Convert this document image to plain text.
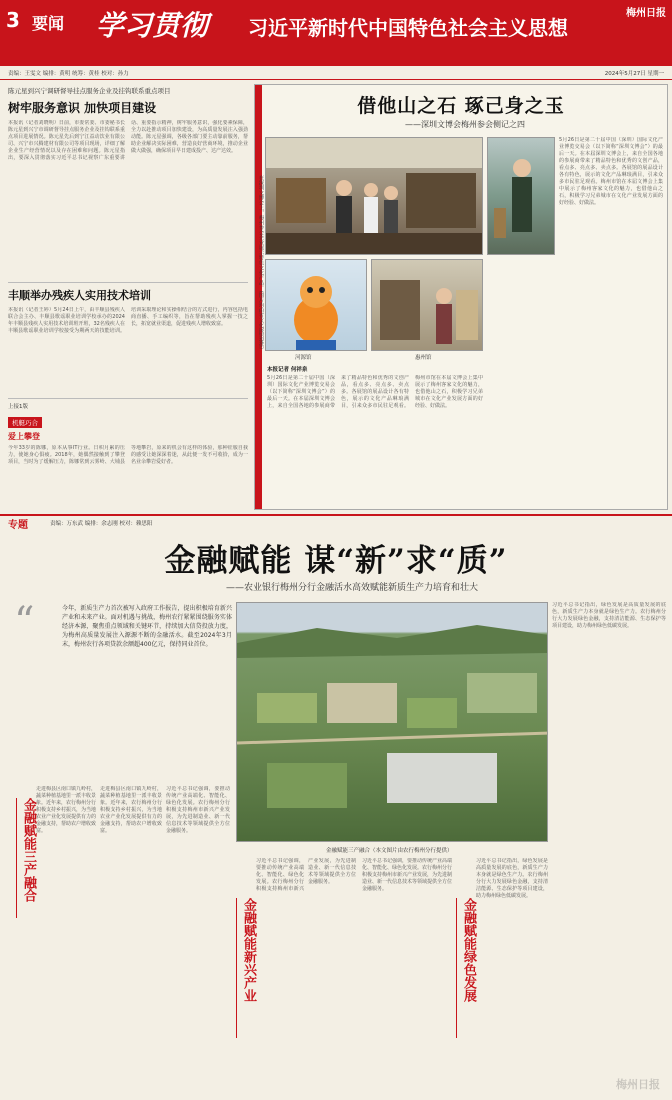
3 要闻 学习贯彻 习近平新时代中国特色社会主义思想
梅州日报
责编：王雯文 编排：黄明 统筹：黄桂 校对：孙力	2024年5月27日 星期一
陈元星到兴宁调研督导挂点服务企业及挂钩联系重点项目
树牢服务意识 加快项目建设
本报讯（记者刘晓明）日前，市委常委、市委秘书长陈元星到兴宁市调研督导挂点服务企业及挂钩联系重点项目进展情况。陈元星先后到宁江益动饮业有限公司、兴宁市兴腾建材有限公司等项目现场，详细了解企业生产经营情况以及存在困难和问题。陈元星指出，要深入贯彻落实习近平总书记视察广东重要讲话、重要指示精神，树牢服务意识，强化要素保障，全力以赴推动项目加快建设，为高质量发展注入强劲动能。陈元星强调，各级各部门要主动靠前服务，帮助企业解决实际困难，营造良好营商环境，推动企业做大做强，确保项目早日建成投产、达产达效。
丰顺举办残疾人实用技术培训
本报讯（记者王婷）5月24日上午，由丰顺县残疾人联合会主办、丰顺县歌谣职业培训学校承办的2024年丰顺县残疾人实用技术培训班开班，32名残疾人在丰顺县歌谣职业培训学校接受为期两天的技能培训。培训采取理论和实操相结合的方式进行，内容包括电商直播、手工编织等，旨在帮助残疾人掌握一技之长，拓宽就业渠道，促进残疾人增收致富。
上接1版
机艇巧合
爱上攀登
今年33岁的陈娜，原本从事IT行业。日积月累的压力，使她身心俱疲。2018年，她偶然接触到了攀登项目，当时为了缓解压力，陈娜常到云雾岭、大埔县等地攀岩，原来的机会有这样的体验，那种征服自我的感受让她深深着迷，从此便一发不可收拾，成为一名业余攀岩爱好者。
借他山之石 琢己身之玉
——深圳文博会梅州参会侧记之四
在深圳文博会上，梅州参会企业展示特色文化产品。（图片均由省文化展馆提供）
河源馆	惠州馆
本报记者 何祥泉
5月26日是第二十届中国（深圳）国际文化产业博览交易会（以下简称“深圳文博会”）的最后一天。在本届深圳文博会上，来自全国各地的参展商带来了精品特色和优秀的文创产品，看点多、亮点多、卖点多。各展馆的展品设计各有特色，展示的文化产品琳琅满目，引来众多市民驻足观看。梅州市馆在本届文博会上集中展示了梅州客家文化的魅力，也借他山之石，积极学习兄弟城市在文化产业发展方面的好经验、好做法。
5月26日是第二十届中国（深圳）国际文化产业博览交易会（以下简称“深圳文博会”）的最后一天。在本届深圳文博会上，来自全国各地的参展商带来了精品特色和优秀的文创产品，看点多、亮点多、卖点多。各展馆的展品设计各有特色，展示的文化产品琳琅满目，引来众多市民驻足观看。梅州市馆在本届文博会上集中展示了梅州客家文化的魅力，也借他山之石，积极学习兄弟城市在文化产业发展方面的好经验、好做法。
专题	责编：万东武 编排：余志刚 校对：赖思阳
金融赋能 谋“新”求“质”
——农业银行梅州分行金融活水高效赋能新质生产力培育和壮大
“	今年，新质生产力首次被写入政府工作报告，提出积极培育新兴产业和未来产业。面对机遇与挑战，梅州农行紧紧围绕服务实体经济本源，聚焦重点领域和关键环节，持续加大信贷投放力度，为梅州高质量发展注入源源不断的金融活水。截至2024年3月末，梅州农行各项贷款余额超400亿元，保持同业首位。
金融赋能三产融合（本文图片由农行梅州分行提供）
习近平总书记指出，绿色发展是高质量发展的底色，新质生产力本身就是绿色生产力。农行梅州分行大力发展绿色金融，支持清洁能源、生态保护等项目建设，助力梅州绿色低碳发展。
金融赋能三产融合
走进梅县区南口镇九岭村，蔬菜种植基地里一派丰收景象。近年来，农行梅州分行积极支持乡村振兴，为当地农业产业化发展提供有力的金融支持，帮助农户增收致富。
走进梅县区南口镇九岭村，蔬菜种植基地里一派丰收景象。近年来，农行梅州分行积极支持乡村振兴，为当地农业产业化发展提供有力的金融支持，帮助农户增收致富。
习近平总书记强调，要推动传统产业高端化、智能化、绿色化发展。农行梅州分行积极支持梅州市新兴产业发展，为先进制造业、新一代信息技术等领域提供全方位金融服务。
金融赋能新兴产业
习近平总书记强调，要推动传统产业高端化、智能化、绿色化发展。农行梅州分行积极支持梅州市新兴产业发展，为先进制造业、新一代信息技术等领域提供全方位金融服务。
习近平总书记强调，要推动传统产业高端化、智能化、绿色化发展。农行梅州分行积极支持梅州市新兴产业发展，为先进制造业、新一代信息技术等领域提供全方位金融服务。
金融赋能绿色发展
习近平总书记指出，绿色发展是高质量发展的底色，新质生产力本身就是绿色生产力。农行梅州分行大力发展绿色金融，支持清洁能源、生态保护等项目建设，助力梅州绿色低碳发展。
梅州日报
